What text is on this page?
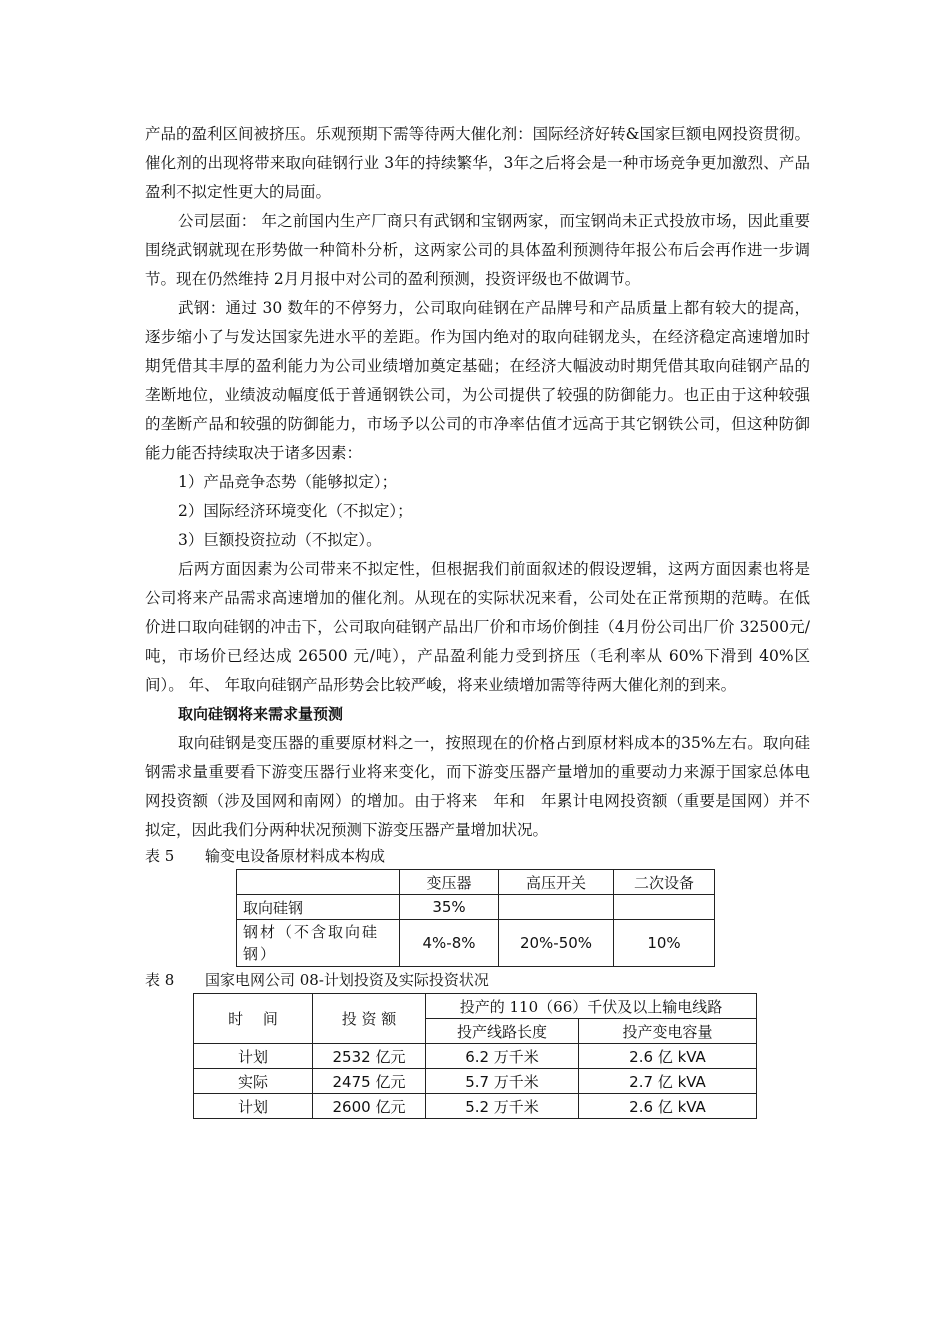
产品的盈利区间被挤压。乐观预期下需等待两大催化剂：国际经济好转&国家巨额电网投资贯彻。催化剂的出现将带来取向硅钢行业 3年的持续繁华，3年之后将会是一种市场竞争更加激烈、产品盈利不拟定性更大的局面。

公司层面： 年之前国内生产厂商只有武钢和宝钢两家，而宝钢尚未正式投放市场，因此重要围绕武钢就现在形势做一种简朴分析，这两家公司的具体盈利预测待年报公布后会再作进一步调节。现在仍然维持 2月月报中对公司的盈利预测，投资评级也不做调节。

武钢：通过 30 数年的不停努力，公司取向硅钢在产品牌号和产品质量上都有较大的提高，逐步缩小了与发达国家先进水平的差距。作为国内绝对的取向硅钢龙头，在经济稳定高速增加时期凭借其丰厚的盈利能力为公司业绩增加奠定基础；在经济大幅波动时期凭借其取向硅钢产品的垄断地位，业绩波动幅度低于普通钢铁公司，为公司提供了较强的防御能力。也正由于这种较强的垄断产品和较强的防御能力，市场予以公司的市净率估值才远高于其它钢铁公司，但这种防御能力能否持续取决于诸多因素：

1）产品竞争态势（能够拟定）；

2）国际经济环境变化（不拟定）；

3）巨额投资拉动（不拟定）。

后两方面因素为公司带来不拟定性，但根据我们前面叙述的假设逻辑，这两方面因素也将是公司将来产品需求高速增加的催化剂。从现在的实际状况来看，公司处在正常预期的范畴。在低价进口取向硅钢的冲击下，公司取向硅钢产品出厂价和市场价倒挂（4月份公司出厂价 32500元/吨，市场价已经达成 26500 元/吨），产品盈利能力受到挤压（毛利率从 60%下滑到 40%区间）。 年、 年取向硅钢产品形势会比较严峻，将来业绩增加需等待两大催化剂的到来。

取向硅钢将来需求量预测

取向硅钢是变压器的重要原材料之一，按照现在的价格占到原材料成本的35%左右。取向硅钢需求量重要看下游变压器行业将来变化，而下游变压器产量增加的重要动力来源于国家总体电网投资额（涉及国网和南网）的增加。由于将来　年和　年累计电网投资额（重要是国网）并不拟定，因此我们分两种状况预测下游变压器产量增加状况。

表 5 输变电设备原材料成本构成

	变压器	高压开关	二次设备
取向硅钢	35%		
钢材（不含取向硅钢）	4%-8%	20%-50%	10%

表 8 国家电网公司 08-计划投资及实际投资状况

时　 间	投 资 额	投产的 110（66）千伏及以上输电线路	
		投产线路长度	投产变电容量
计划	2532 亿元	6.2 万千米	2.6 亿 kVA
实际	2475 亿元	5.7 万千米	2.7 亿 kVA
计划	2600 亿元	5.2 万千米	2.6 亿 kVA
